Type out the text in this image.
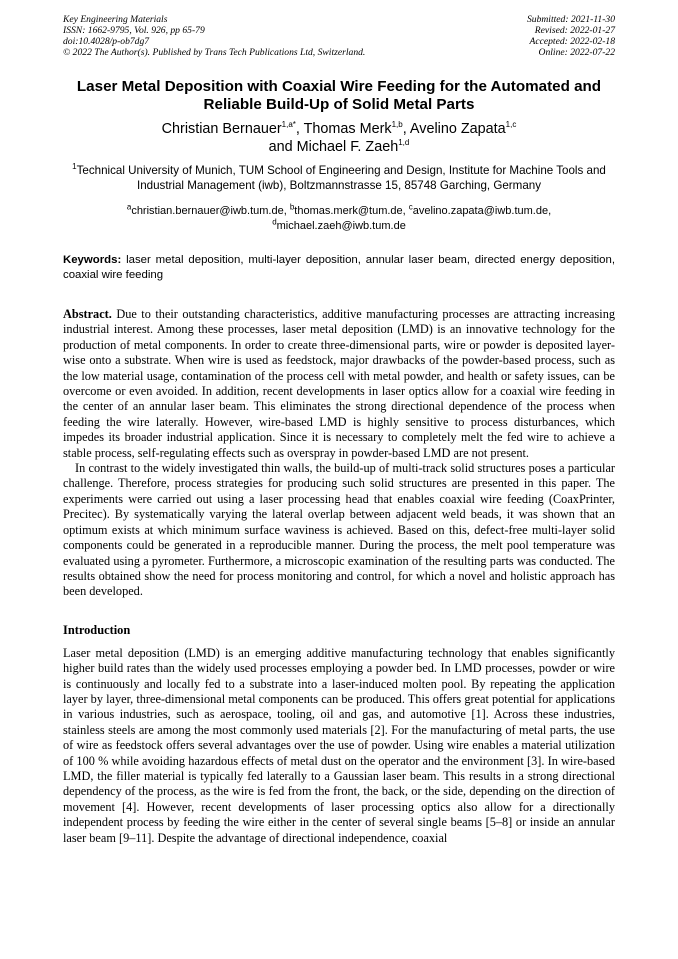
Key Engineering Materials
ISSN: 1662-9795, Vol. 926, pp 65-79
doi:10.4028/p-ob7dg7
© 2022 The Author(s). Published by Trans Tech Publications Ltd, Switzerland.
Submitted: 2021-11-30
Revised: 2022-01-27
Accepted: 2022-02-18
Online: 2022-07-22
Laser Metal Deposition with Coaxial Wire Feeding for the Automated and Reliable Build-Up of Solid Metal Parts
Christian Bernauer$^{1,a*}$, Thomas Merk$^{1,b}$, Avelino Zapata$^{1,c}$
and Michael F. Zaeh$^{1,d}$
$^1$Technical University of Munich, TUM School of Engineering and Design, Institute for Machine Tools and Industrial Management (iwb), Boltzmannstrasse 15, 85748 Garching, Germany
$^a$christian.bernauer@iwb.tum.de, $^b$thomas.merk@tum.de, $^c$avelino.zapata@iwb.tum.de,
$^d$michael.zaeh@iwb.tum.de
Keywords: laser metal deposition, multi-layer deposition, annular laser beam, directed energy deposition, coaxial wire feeding

Abstract. Due to their outstanding characteristics, additive manufacturing processes are attracting increasing industrial interest. Among these processes, laser metal deposition (LMD) is an innovative technology for the production of metal components. In order to create three-dimensional parts, wire or powder is deposited layer-wise onto a substrate. When wire is used as feedstock, major drawbacks of the powder-based process, such as the low material usage, contamination of the process cell with metal powder, and health or safety issues, can be overcome or even avoided. In addition, recent developments in laser optics allow for a coaxial wire feeding in the center of an annular laser beam. This eliminates the strong directional dependence of the process when feeding the wire laterally. However, wire-based LMD is highly sensitive to process disturbances, which impedes its broader industrial application. Since it is necessary to completely melt the fed wire to achieve a stable process, self-regulating effects such as overspray in powder-based LMD are not present.

In contrast to the widely investigated thin walls, the build-up of multi-track solid structures poses a particular challenge. Therefore, process strategies for producing such solid structures are presented in this paper. The experiments were carried out using a laser processing head that enables coaxial wire feeding (CoaxPrinter, Precitec). By systematically varying the lateral overlap between adjacent weld beads, it was shown that an optimum exists at which minimum surface waviness is achieved. Based on this, defect-free multi-layer solid components could be generated in a reproducible manner. During the process, the melt pool temperature was evaluated using a pyrometer. Furthermore, a microscopic examination of the resulting parts was conducted. The results obtained show the need for process monitoring and control, for which a novel and holistic approach has been developed.

Introduction

Laser metal deposition (LMD) is an emerging additive manufacturing technology that enables significantly higher build rates than the widely used processes employing a powder bed. In LMD processes, powder or wire is continuously and locally fed to a substrate into a laser-induced molten pool. By repeating the application layer by layer, three-dimensional metal components can be produced. This offers great potential for applications in various industries, such as aerospace, tooling, oil and gas, and automotive [1]. Across these industries, stainless steels are among the most commonly used materials [2]. For the manufacturing of metal parts, the use of wire as feedstock offers several advantages over the use of powder. Using wire enables a material utilization of 100 % while avoiding hazardous effects of metal dust on the operator and the environment [3]. In wire-based LMD, the filler material is typically fed laterally to a Gaussian laser beam. This results in a strong directional dependency of the process, as the wire is fed from the front, the back, or the side, depending on the direction of movement [4]. However, recent developments of laser processing optics also allow for a directionally independent process by feeding the wire either in the center of several single beams [5–8] or inside an annular laser beam [9–11]. Despite the advantage of directional independence, coaxial
